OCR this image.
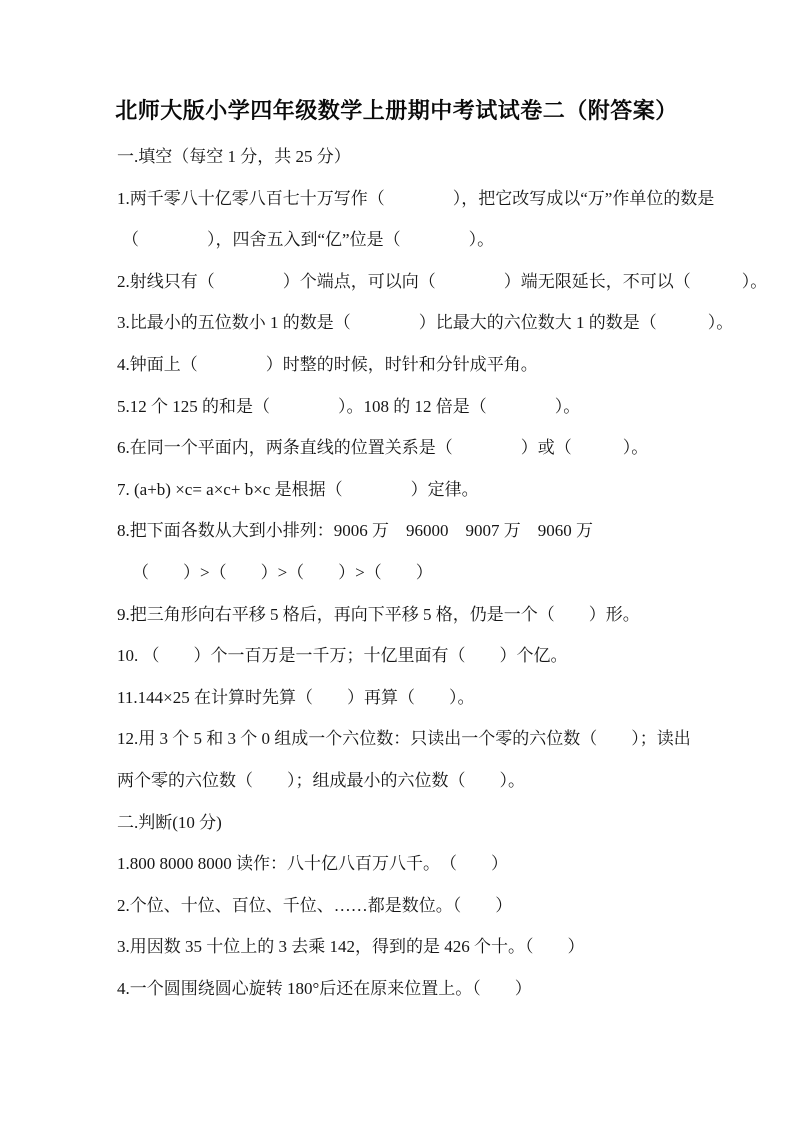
北师大版小学四年级数学上册期中考试试卷二（附答案）

一.填空（每空 1 分，共 25 分）

1.两千零八十亿零八百七十万写作（　　　　），把它改写成以“万”作单位的数是

（　　　　），四舍五入到“亿”位是（　　　　）。

2.射线只有（　　　　）个端点，可以向（　　　　）端无限延长，不可以（　　　）。

3.比最小的五位数小 1 的数是（　　　　）比最大的六位数大 1 的数是（　　　）。

4.钟面上（　　　　）时整的时候，时针和分针成平角。

5.12 个 125 的和是（　　　　）。108 的 12 倍是（　　　　）。

6.在同一个平面内，两条直线的位置关系是（　　　　）或（　　　）。

7. (a+b) ×c= a×c+ b×c 是根据（　　　　）定律。

8.把下面各数从大到小排列：9006 万　96000　9007 万　9060 万

（　　）>（　　）>（　　）>（　　）

9.把三角形向右平移 5 格后，再向下平移 5 格，仍是一个（　　）形。

10. （　　）个一百万是一千万；十亿里面有（　　）个亿。

11.144×25 在计算时先算（　　）再算（　　）。

12.用 3 个 5 和 3 个 0 组成一个六位数：只读出一个零的六位数（　　）；读出

两个零的六位数（　　）；组成最小的六位数（　　）。

二.判断(10 分)

1.800 8000 8000 读作：八十亿八百万八千。　（　　）

2.个位、十位、百位、千位、……都是数位。（　　）

3.用因数 35 十位上的 3 去乘 142，得到的是 426 个十。（　　）

4.一个圆围绕圆心旋转 180°后还在原来位置上。（　　）
